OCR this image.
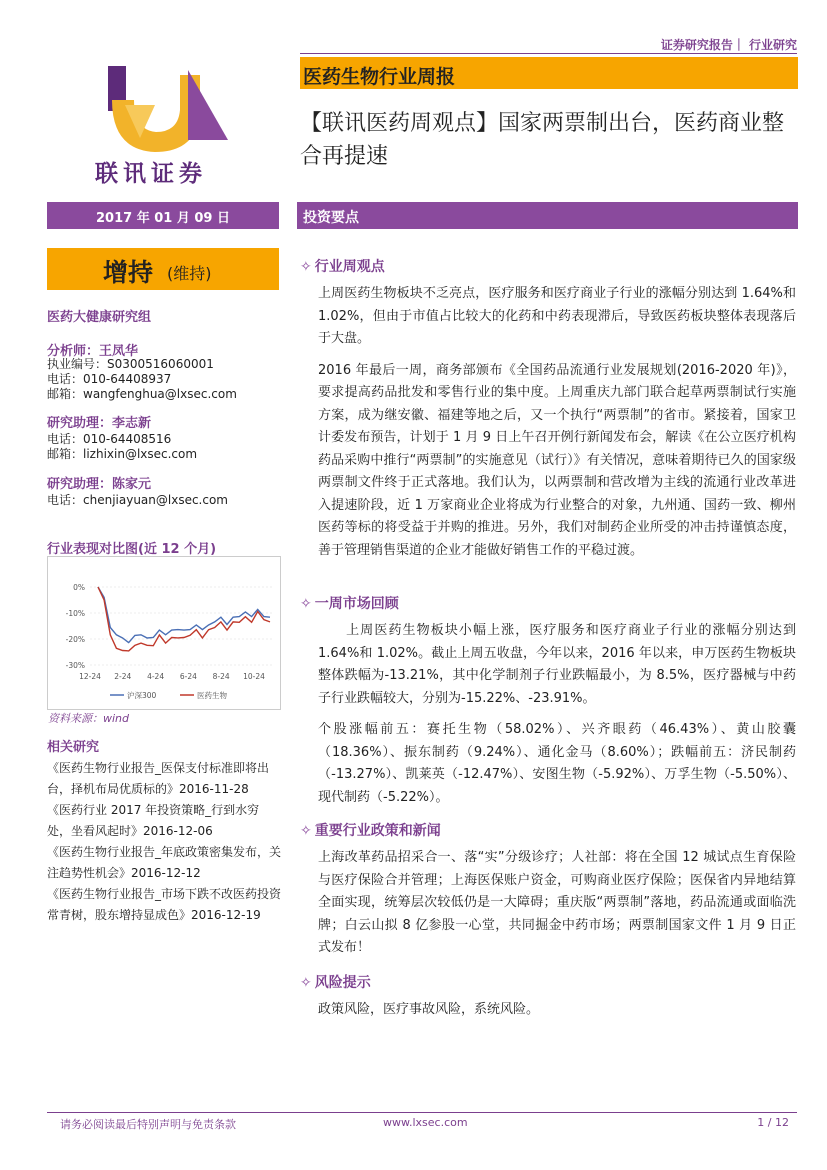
证券研究报告｜ 行业研究
联讯证券
医药生物行业周报
【联讯医药周观点】国家两票制出台，医药商业整合再提速
2017 年 01 月 09 日	投资要点
增持 (维持)
医药大健康研究组
分析师：王凤华
执业编号：S0300516060001
电话：010-64408937
邮箱：wangfenghua@lxsec.com
研究助理：李志新
电话：010-64408516
邮箱：lizhixin@lxsec.com
研究助理：陈家元
电话：chenjiayuan@lxsec.com
行业表现对比图(近 12 个月)
0%
-10%
-20%
-30%
12-24 2-24 4-24 6-24 8-24 10-24
沪深300	医药生物
资料来源：wind
相关研究

《医药生物行业报告_医保支付标准即将出台，择机布局优质标的》2016-11-28

《医药行业 2017 年投资策略_行到水穷处，坐看风起时》2016-12-06

《医药生物行业报告_年底政策密集发布，关注趋势性机会》2016-12-12

《医药生物行业报告_市场下跌不改医药投资常青树，股东增持显成色》2016-12-19

✧ 行业周观点

上周医药生物板块不乏亮点，医疗服务和医疗商业子行业的涨幅分别达到 1.64%和 1.02%，但由于市值占比较大的化药和中药表现滞后，导致医药板块整体表现落后于大盘。

2016 年最后一周，商务部颁布《全国药品流通行业发展规划(2016-2020 年)》，要求提高药品批发和零售行业的集中度。上周重庆九部门联合起草两票制试行实施方案，成为继安徽、福建等地之后，又一个执行“两票制”的省市。紧接着，国家卫计委发布预告，计划于 1 月 9 日上午召开例行新闻发布会，解读《在公立医疗机构药品采购中推行“两票制”的实施意见（试行）》有关情况，意味着期待已久的国家级两票制文件终于正式落地。我们认为，以两票制和营改增为主线的流通行业改革进入提速阶段，近 1 万家商业企业将成为行业整合的对象，九州通、国药一致、柳州医药等标的将受益于并购的推进。另外，我们对制药企业所受的冲击持谨慎态度，善于管理销售渠道的企业才能做好销售工作的平稳过渡。

✧ 一周市场回顾

　　上周医药生物板块小幅上涨，医疗服务和医疗商业子行业的涨幅分别达到 1.64%和 1.02%。截止上周五收盘，今年以来，2016 年以来，申万医药生物板块整体跌幅为-13.21%，其中化学制剂子行业跌幅最小，为 8.5%，医疗器械与中药子行业跌幅较大，分别为-15.22%、-23.91%。

个股涨幅前五：赛托生物（58.02%）、兴齐眼药（46.43%）、黄山胶囊（18.36%）、振东制药（9.24%）、通化金马（8.60%）；跌幅前五：济民制药（-13.27%）、凯莱英（-12.47%）、安图生物（-5.92%）、万孚生物（-5.50%）、现代制药（-5.22%）。

✧ 重要行业政策和新闻

上海改革药品招采合一、落“实”分级诊疗；人社部：将在全国 12 城试点生育保险与医疗保险合并管理；上海医保账户资金，可购商业医疗保险；医保省内异地结算全面实现，统筹层次较低仍是一大障碍；重庆版“两票制”落地，药品流通或面临洗牌；白云山拟 8 亿参股一心堂，共同掘金中药市场；两票制国家文件 1 月 9 日正式发布！

✧ 风险提示

政策风险，医疗事故风险，系统风险。

请务必阅读最后特别声明与免责条款	www.lxsec.com	1 / 12
